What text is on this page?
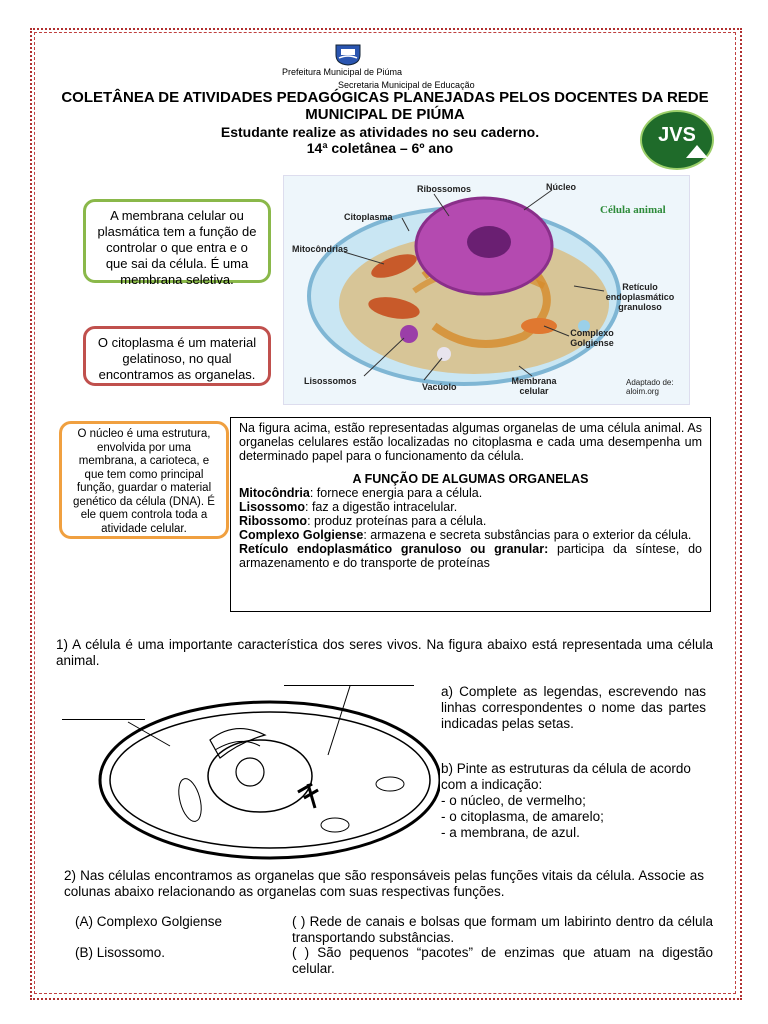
Prefeitura Municipal de Piúma
Secretaria Municipal de Educação
COLETÂNEA DE ATIVIDADES PEDAGÓGICAS PLANEJADAS PELOS DOCENTES DA REDE MUNICIPAL DE PIÚMA
Estudante realize as atividades no seu caderno.
14ª coletânea – 6º ano
JVS
Ribossomos	Núcleo
Célula animal
Citoplasma
Mitocôndrias
Retículo endoplasmático granuloso
Complexo Golgiense
Lisossomos
Vacúolo
Membrana celular
Adaptado de: aloim.org
A membrana celular ou plasmática tem a função de controlar o que entra e o que sai da célula. É uma membrana seletiva.
O citoplasma é um material gelatinoso, no qual encontramos as organelas.
O núcleo é uma estrutura, envolvida por uma membrana, a carioteca, e que tem como principal função, guardar o material genético da célula (DNA). É ele quem controla toda a atividade celular.
Na figura acima, estão representadas algumas organelas de uma célula animal. As organelas celulares estão localizadas no citoplasma e cada uma desempenha um determinado papel para o funcionamento da célula.
A FUNÇÃO DE ALGUMAS ORGANELAS
Mitocôndria: fornece energia para a célula.
Lisossomo: faz a digestão intracelular.
Ribossomo: produz proteínas para a célula.
Complexo Golgiense: armazena e secreta substâncias para o exterior da célula.
Retículo endoplasmático granuloso ou granular: participa da síntese, do armazenamento e do transporte de proteínas
1) A célula é uma importante característica dos seres vivos. Na figura abaixo está representada uma célula animal.
a) Complete as legendas, escrevendo nas linhas correspondentes o nome das partes indicadas pelas setas.
b) Pinte as estruturas da célula de acordo com a indicação:
- o núcleo, de vermelho;
- o citoplasma, de amarelo;
- a membrana, de azul.
2) Nas células encontramos as organelas que são responsáveis pelas funções vitais da célula. Associe as colunas abaixo relacionando as organelas com suas respectivas funções.
(A) Complexo Golgiense
(B) Lisossomo.
( ) Rede de canais e bolsas que formam um labirinto dentro da célula transportando substâncias.
( ) São pequenos “pacotes” de enzimas que atuam na digestão celular.
